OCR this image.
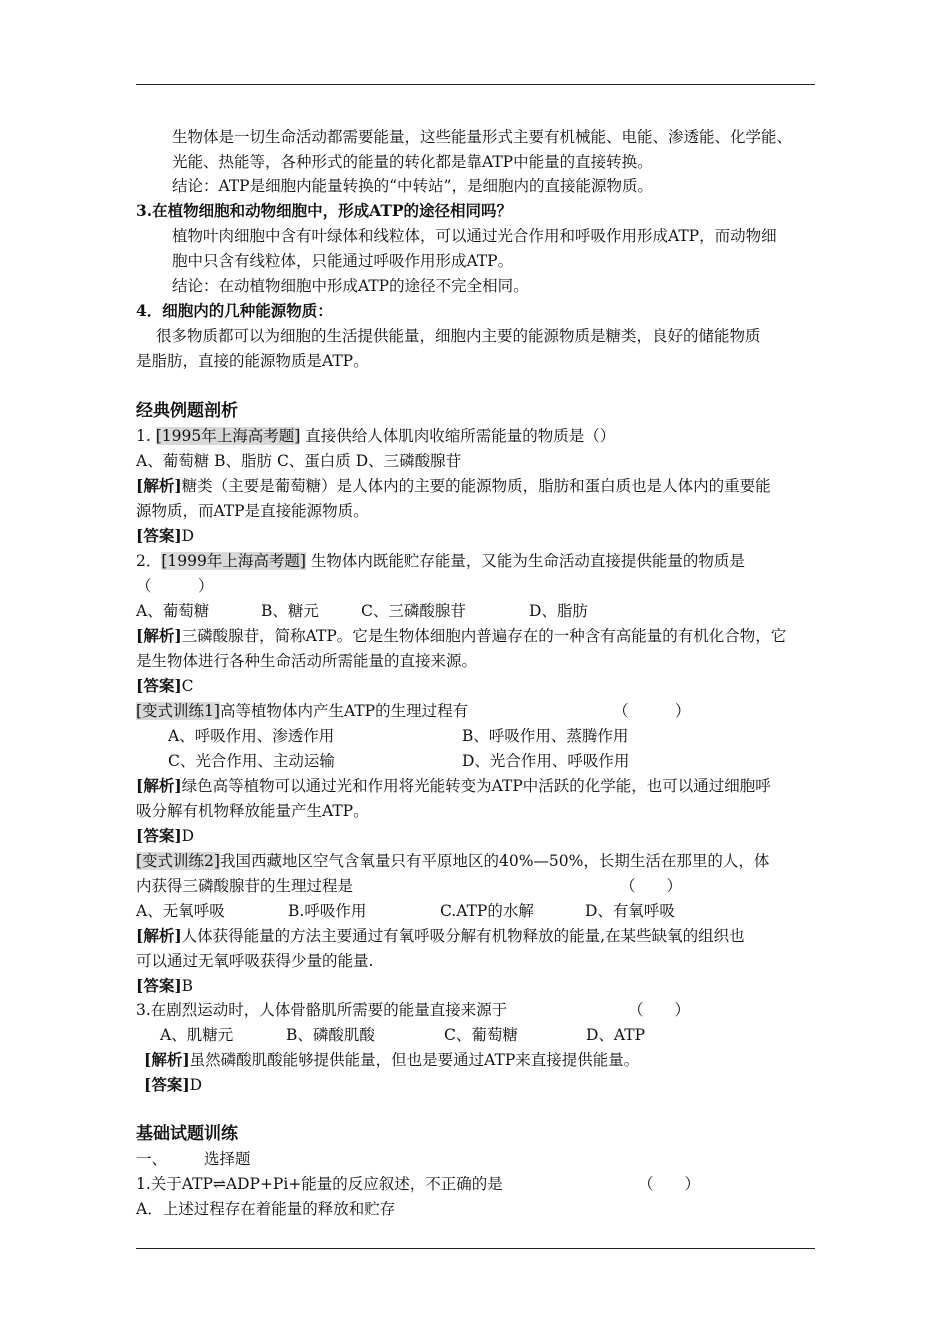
生物体是一切生命活动都需要能量，这些能量形式主要有机械能、电能、渗透能、化学能、
光能、热能等，各种形式的能量的转化都是靠ATP中能量的直接转换。
结论：ATP是细胞内能量转换的“中转站”，是细胞内的直接能源物质。
3.在植物细胞和动物细胞中，形成ATP的途径相同吗？
植物叶肉细胞中含有叶绿体和线粒体，可以通过光合作用和呼吸作用形成ATP，而动物细
胞中只含有线粒体，只能通过呼吸作用形成ATP。
结论：在动植物细胞中形成ATP的途径不完全相同。
4．细胞内的几种能源物质：
很多物质都可以为细胞的生活提供能量，细胞内主要的能源物质是糖类，良好的储能物质
是脂肪，直接的能源物质是ATP。
经典例题剖析
1. [1995年上海高考题] 直接供给人体肌肉收缩所需能量的物质是（）
A、葡萄糖 B、脂肪 C、蛋白质 D、三磷酸腺苷
[解析]糖类（主要是葡萄糖）是人体内的主要的能源物质，脂肪和蛋白质也是人体内的重要能
源物质，而ATP是直接能源物质。
[答案]D
2．[1999年上海高考题] 生物体内既能贮存能量，又能为生命活动直接提供能量的物质是
（　　　）
A、葡萄糖	B、糖元	C、三磷酸腺苷	D、脂肪
[解析]三磷酸腺苷，简称ATP。它是生物体细胞内普遍存在的一种含有高能量的有机化合物，它
是生物体进行各种生命活动所需能量的直接来源。
[答案]C
[变式训练1]高等植物体内产生ATP的生理过程有	（　　　）
A、呼吸作用、渗透作用	B、呼吸作用、蒸腾作用
C、光合作用、主动运输	D、光合作用、呼吸作用
[解析]绿色高等植物可以通过光和作用将光能转变为ATP中活跃的化学能，也可以通过细胞呼
吸分解有机物释放能量产生ATP。
[答案]D
[变式训练2]我国西藏地区空气含氧量只有平原地区的40%—50%，长期生活在那里的人，体
内获得三磷酸腺苷的生理过程是	（　　）
A、无氧呼吸	B.呼吸作用	C.ATP的水解	D、有氧呼吸
[解析]人体获得能量的方法主要通过有氧呼吸分解有机物释放的能量,在某些缺氧的组织也
可以通过无氧呼吸获得少量的能量.
[答案]B
3.在剧烈运动时，人体骨骼肌所需要的能量直接来源于	（　　）
A、肌糖元	B、磷酸肌酸	C、葡萄糖	D、ATP
[解析]虽然磷酸肌酸能够提供能量，但也是要通过ATP来直接提供能量。
[答案]D
基础试题训练
一、 选择题
1.关于ATP⇌ADP+Pi+能量的反应叙述，不正确的是	（　　）
A．上述过程存在着能量的释放和贮存
